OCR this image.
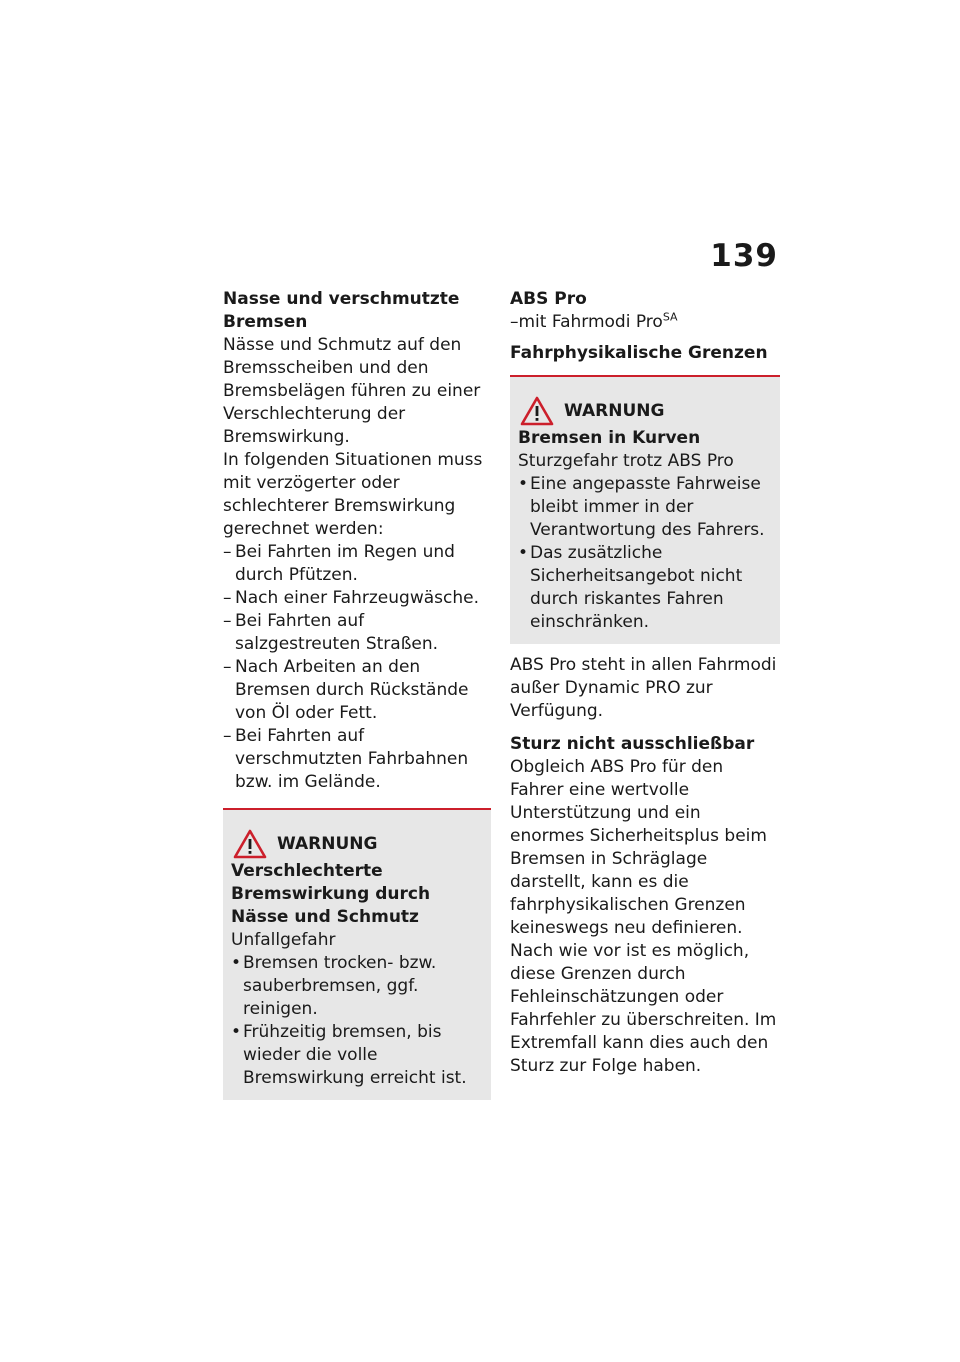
139

Nasse und verschmutzte Bremsen

Nässe und Schmutz auf den Bremsscheiben und den Bremsbelägen führen zu einer Verschlechterung der Bremswirkung.

In folgenden Situationen muss mit verzögerter oder schlechterer Bremswirkung gerechnet werden:

– Bei Fahrten im Regen und durch Pfützen.
– Nach einer Fahrzeugwäsche.
– Bei Fahrten auf salzgestreuten Straßen.
– Nach Arbeiten an den Bremsen durch Rückstände von Öl oder Fett.
– Bei Fahrten auf verschmutzten Fahrbahnen bzw. im Gelände.
WARNUNG

Verschlechterte Bremswirkung durch Nässe und Schmutz

Unfallgefahr

• Bremsen trocken- bzw. sauberbremsen, ggf. reinigen.
• Frühzeitig bremsen, bis wieder die volle Bremswirkung erreicht ist.

ABS Pro

–mit Fahrmodi Pro$^{SA}$

Fahrphysikalische Grenzen

WARNUNG

Bremsen in Kurven

Sturzgefahr trotz ABS Pro

• Eine angepasste Fahrweise bleibt immer in der Verantwortung des Fahrers.
• Das zusätzliche Sicherheitsangebot nicht durch riskantes Fahren einschränken.

ABS Pro steht in allen Fahrmodi außer Dynamic PRO zur Verfügung.

Sturz nicht ausschließbar

Obgleich ABS Pro für den Fahrer eine wertvolle Unterstützung und ein enormes Sicherheitsplus beim Bremsen in Schräglage darstellt, kann es die fahrphysikalischen Grenzen keineswegs neu definieren. Nach wie vor ist es möglich, diese Grenzen durch Fehleinschätzungen oder Fahrfehler zu überschreiten. Im Extremfall kann dies auch den Sturz zur Folge haben.
